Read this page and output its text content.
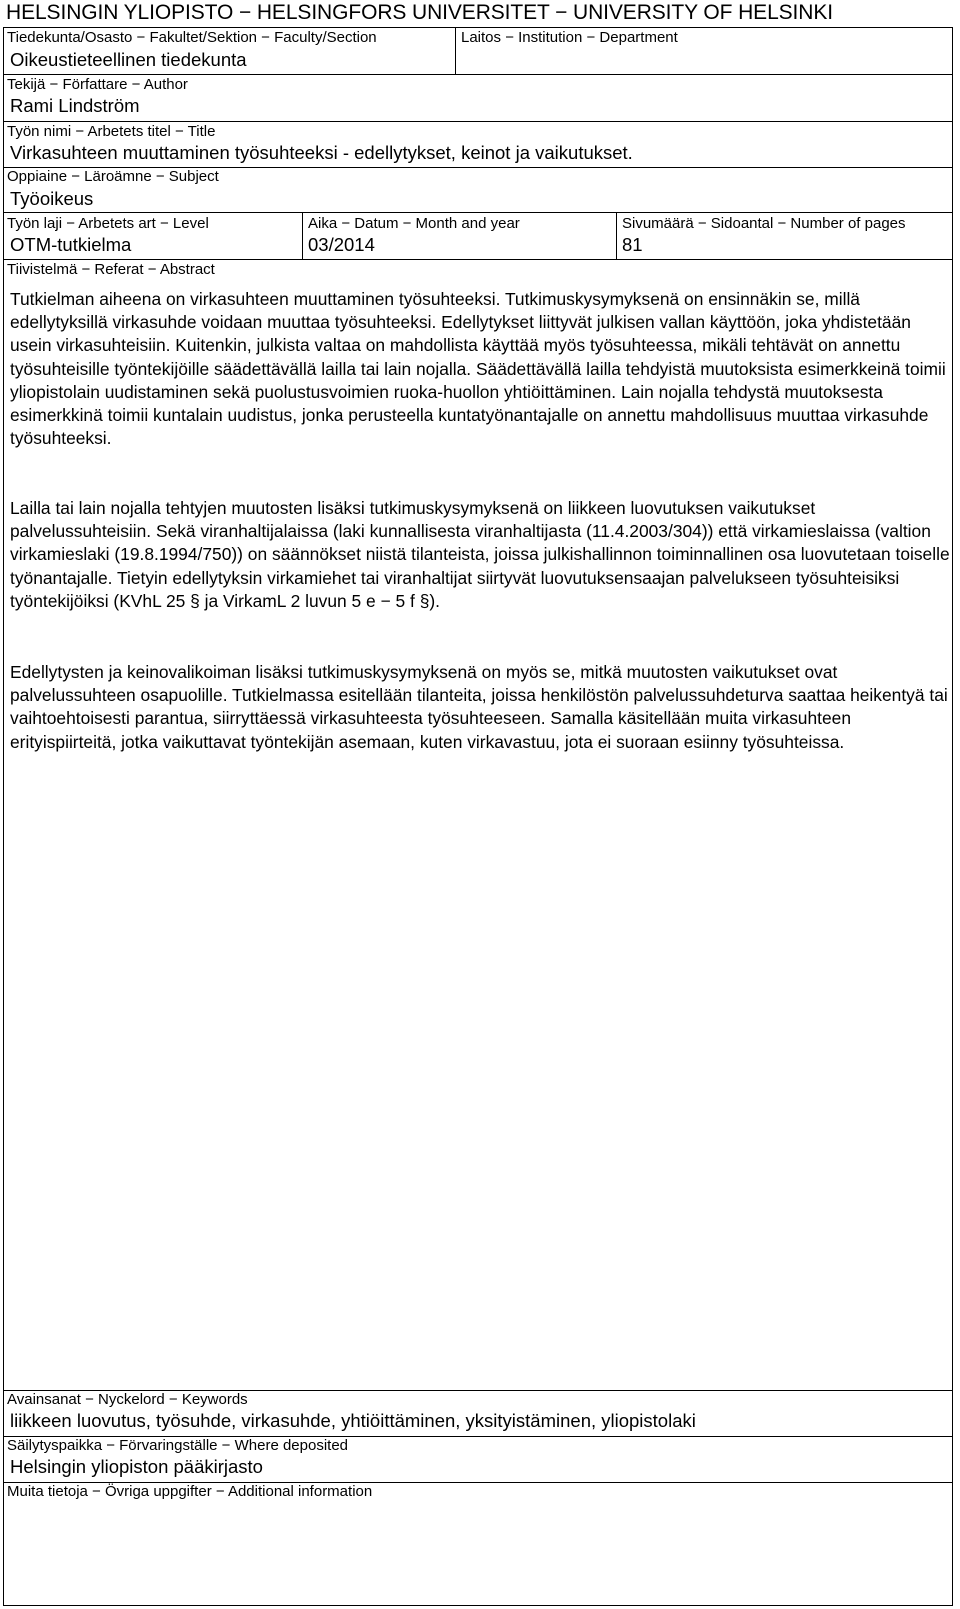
HELSINGIN YLIOPISTO − HELSINGFORS UNIVERSITET − UNIVERSITY OF HELSINKI
Tiedekunta/Osasto − Fakultet/Sektion − Faculty/Section
Oikeustieteellinen tiedekunta
Laitos − Institution − Department
Tekijä − Författare − Author
Rami Lindström
Työn nimi − Arbetets titel − Title
Virkasuhteen muuttaminen työsuhteeksi - edellytykset, keinot ja vaikutukset.
Oppiaine − Läroämne − Subject
Työoikeus
Työn laji − Arbetets art − Level
OTM-tutkielma
Aika − Datum − Month and year
03/2014
Sivumäärä − Sidoantal − Number of pages
81
Tiivistelmä − Referat − Abstract

Tutkielman aiheena on virkasuhteen muuttaminen työsuhteeksi. Tutkimuskysymyksenä on ensinnäkin se, millä edellytyksillä virkasuhde voidaan muuttaa työsuhteeksi. Edellytykset liittyvät julkisen vallan käyttöön, joka yhdistetään usein virkasuhteisiin. Kuitenkin, julkista valtaa on mahdollista käyttää myös työsuhteessa, mikäli tehtävät on annettu työsuhteisille työntekijöille säädettävällä lailla tai lain nojalla. Säädettävällä lailla tehdyistä muutoksista esimerkkeinä toimii yliopistolain uudistaminen sekä puolustusvoimien ruoka-huollon yhtiöittäminen. Lain nojalla tehdystä muutoksesta esimerkkinä toimii kuntalain uudistus, jonka perusteella kuntatyönantajalle on annettu mahdollisuus muuttaa virkasuhde työsuhteeksi.

Lailla tai lain nojalla tehtyjen muutosten lisäksi tutkimuskysymyksenä on liikkeen luovutuksen vaikutukset palvelussuhteisiin. Sekä viranhaltijalaissa (laki kunnallisesta viranhaltijasta (11.4.2003/304)) että virkamieslaissa (valtion virkamieslaki (19.8.1994/750)) on säännökset niistä tilanteista, joissa julkishallinnon toiminnallinen osa luovutetaan toiselle työnantajalle. Tietyin edellytyksin virkamiehet tai viranhaltijat siirtyvät luovutuksensaajan palvelukseen työsuhteisiksi työntekijöiksi (KVhL 25 § ja VirkamL 2 luvun 5 e − 5 f §).

Edellytysten ja keinovalikoiman lisäksi tutkimuskysymyksenä on myös se, mitkä muutosten vaikutukset ovat palvelussuhteen osapuolille. Tutkielmassa esitellään tilanteita, joissa henkilöstön palvelussuhdeturva saattaa heikentyä tai vaihtoehtoisesti parantua, siirryttäessä virkasuhteesta työsuhteeseen. Samalla käsitellään muita virkasuhteen erityispiirteitä, jotka vaikuttavat työntekijän asemaan, kuten virkavastuu, jota ei suoraan esiinny työsuhteissa.

Avainsanat − Nyckelord − Keywords
liikkeen luovutus, työsuhde, virkasuhde, yhtiöittäminen, yksityistäminen, yliopistolaki
Säilytyspaikka − Förvaringställe − Where deposited
Helsingin yliopiston pääkirjasto
Muita tietoja − Övriga uppgifter − Additional information
